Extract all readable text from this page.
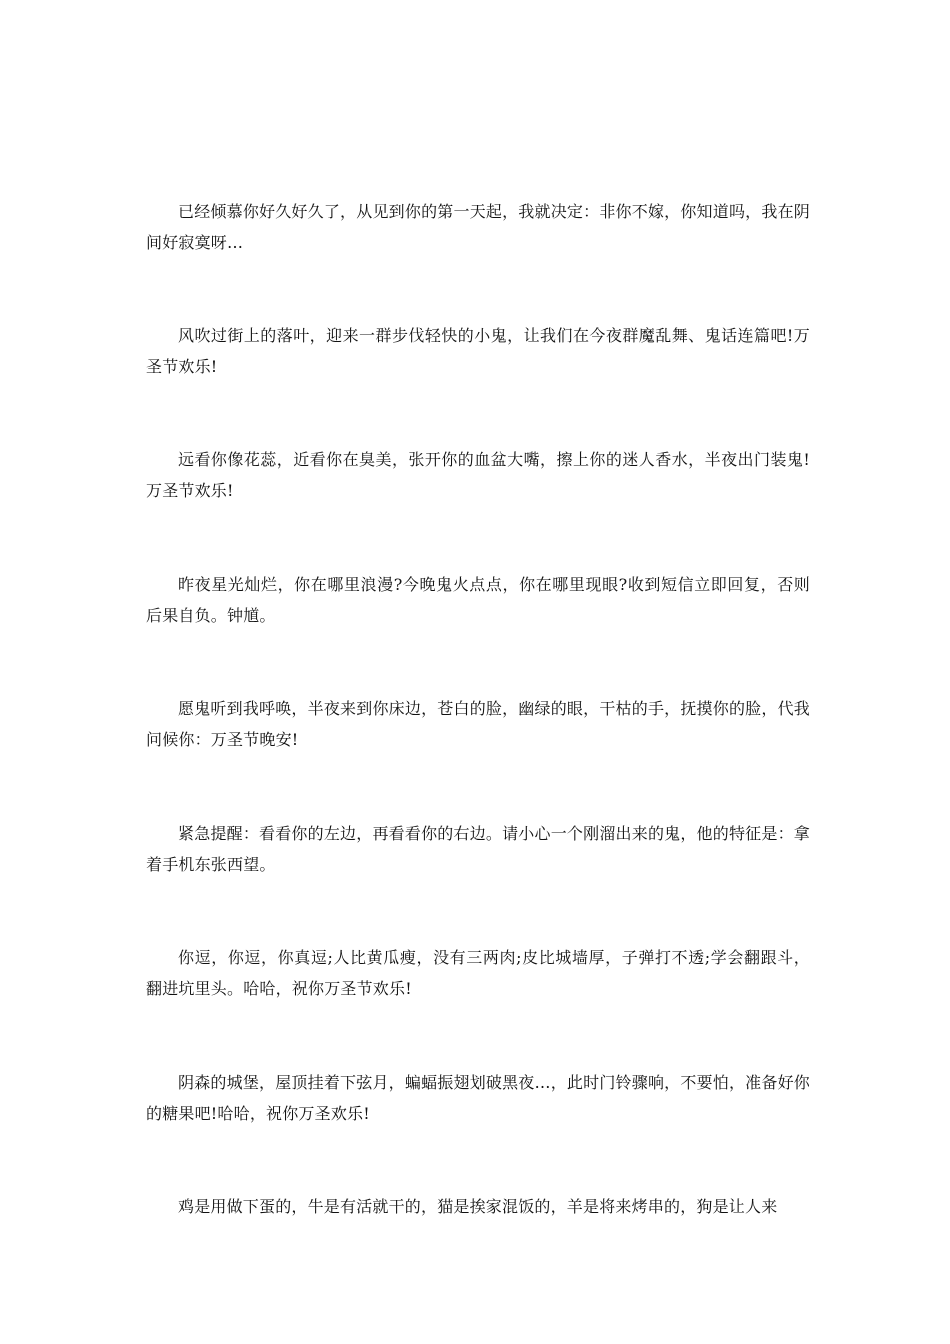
已经倾慕你好久好久了，从见到你的第一天起，我就决定：非你不嫁，你知道吗，我在阴间好寂寞呀…

风吹过街上的落叶，迎来一群步伐轻快的小鬼，让我们在今夜群魔乱舞、鬼话连篇吧!万圣节欢乐!

远看你像花蕊，近看你在臭美，张开你的血盆大嘴，擦上你的迷人香水，半夜出门装鬼!万圣节欢乐!

昨夜星光灿烂，你在哪里浪漫?今晚鬼火点点，你在哪里现眼?收到短信立即回复，否则后果自负。钟馗。

愿鬼听到我呼唤，半夜来到你床边，苍白的脸，幽绿的眼，干枯的手，抚摸你的脸，代我问候你：万圣节晚安!

紧急提醒：看看你的左边，再看看你的右边。请小心一个刚溜出来的鬼，他的特征是：拿着手机东张西望。

你逗，你逗，你真逗;人比黄瓜瘦，没有三两肉;皮比城墙厚，子弹打不透;学会翻跟斗，翻进坑里头。哈哈，祝你万圣节欢乐!

阴森的城堡，屋顶挂着下弦月，蝙蝠振翅划破黑夜…，此时门铃骤响，不要怕，准备好你的糖果吧!哈哈，祝你万圣欢乐!

鸡是用做下蛋的，牛是有活就干的，猫是挨家混饭的，羊是将来烤串的，狗是让人来
